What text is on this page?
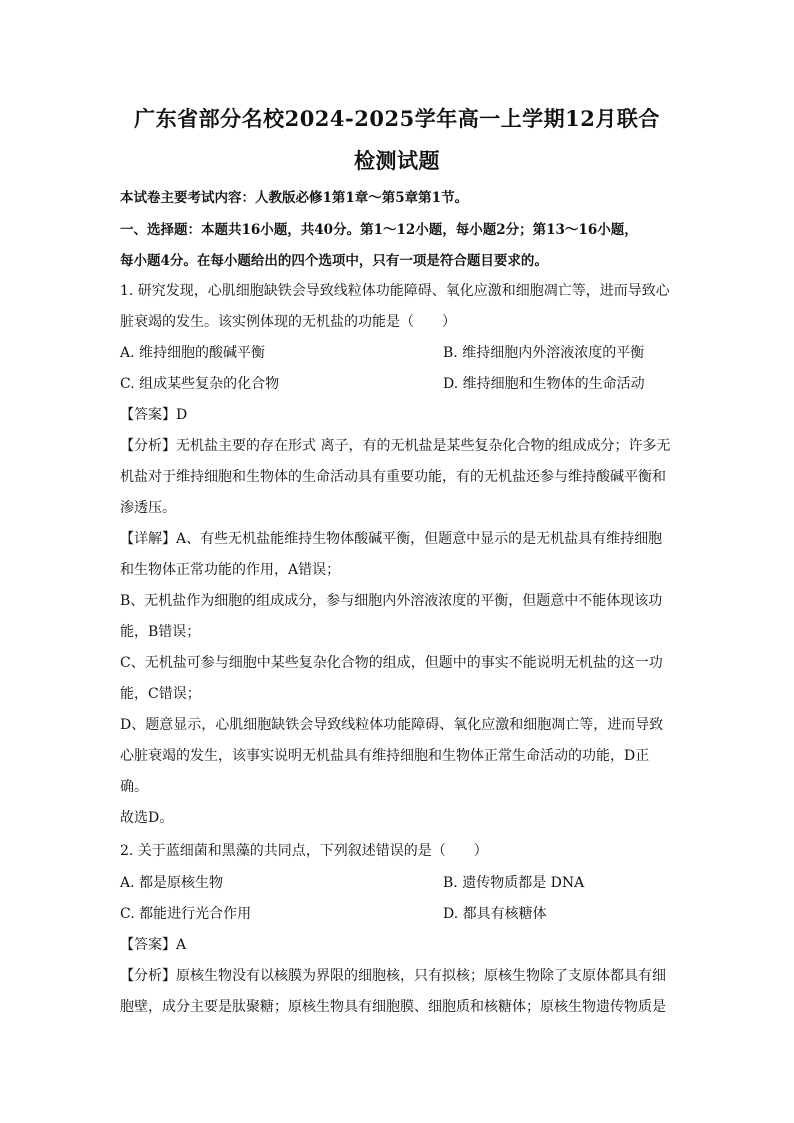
广东省部分名校2024-2025学年高一上学期12月联合
检测试题
本试卷主要考试内容：人教版必修1第1章～第5章第1节。
一、选择题：本题共16小题，共40分。第1～12小题，每小题2分；第13～16小题，
每小题4分。在每小题给出的四个选项中，只有一项是符合题目要求的。
1. 研究发现，心肌细胞缺铁会导致线粒体功能障碍、氧化应激和细胞凋亡等，进而导致心
脏衰竭的发生。该实例体现的无机盐的功能是（　　）
A. 维持细胞的酸碱平衡	B. 维持细胞内外溶液浓度的平衡
C. 组成某些复杂的化合物	D. 维持细胞和生物体的生命活动
【答案】D
【分析】无机盐主要的存在形式 离子，有的无机盐是某些复杂化合物的组成成分；许多无
机盐对于维持细胞和生物体的生命活动具有重要功能，有的无机盐还参与维持酸碱平衡和
渗透压。
【详解】A、有些无机盐能维持生物体酸碱平衡，但题意中显示的是无机盐具有维持细胞
和生物体正常功能的作用，A错误；
B、无机盐作为细胞的组成成分，参与细胞内外溶液浓度的平衡，但题意中不能体现该功
能，B错误；
C、无机盐可参与细胞中某些复杂化合物的组成，但题中的事实不能说明无机盐的这一功
能，C错误；
D、题意显示，心肌细胞缺铁会导致线粒体功能障碍、氧化应激和细胞凋亡等，进而导致
心脏衰竭的发生，该事实说明无机盐具有维持细胞和生物体正常生命活动的功能，D正
确。
故选D。
2. 关于蓝细菌和黑藻的共同点，下列叙述错误的是（　　）
A. 都是原核生物	B. 遗传物质都是 DNA
C. 都能进行光合作用	D. 都具有核糖体
【答案】A
【分析】原核生物没有以核膜为界限的细胞核，只有拟核；原核生物除了支原体都具有细
胞壁，成分主要是肽聚糖；原核生物具有细胞膜、细胞质和核糖体；原核生物遗传物质是
